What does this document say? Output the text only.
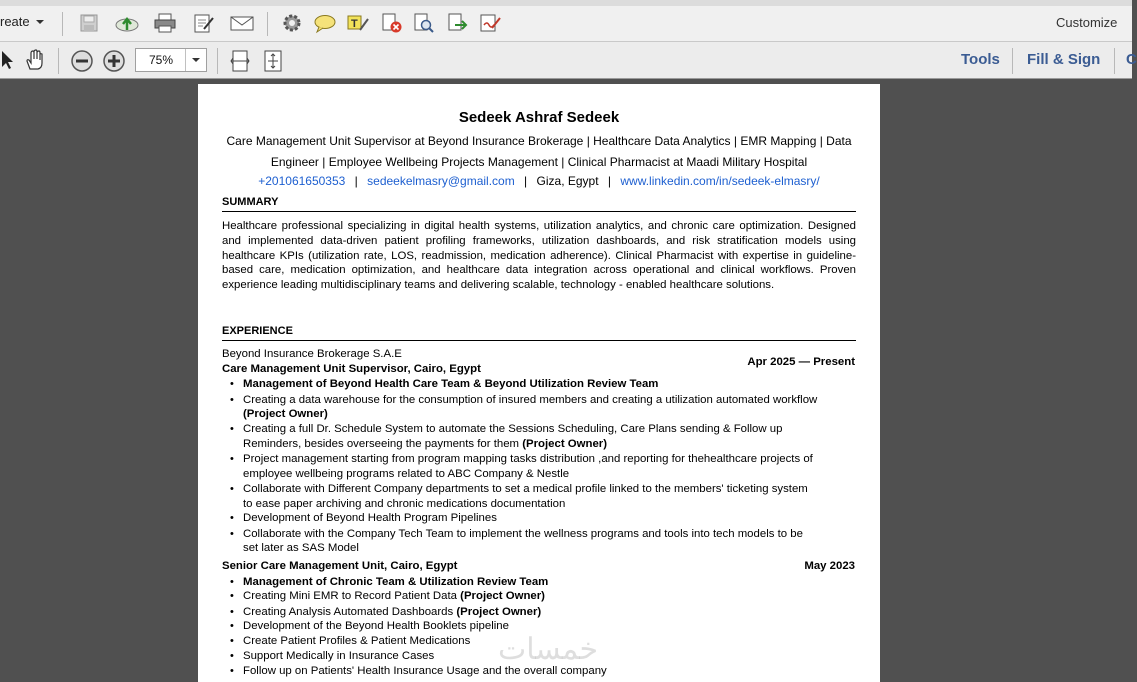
reate	T	Customize
75%	Tools Fill & Sign C
Sedeek Ashraf Sedeek
Care Management Unit Supervisor at Beyond Insurance Brokerage | Healthcare Data Analytics | EMR Mapping | Data
Engineer | Employee Wellbeing Projects Management | Clinical Pharmacist at Maadi Military Hospital
+201061650353 | sedeekelmasry@gmail.com | Giza, Egypt | www.linkedin.com/in/sedeek-elmasry/
SUMMARY
Healthcare professional specializing in digital health systems, utilization analytics, and chronic care optimization. Designed and implemented data-driven patient profiling frameworks, utilization dashboards, and risk stratification models using healthcare KPIs (utilization rate, LOS, readmission, medication adherence). Clinical Pharmacist with expertise in guideline-based care, medication optimization, and healthcare data integration across operational and clinical workflows. Proven experience leading multidisciplinary teams and delivering scalable, technology - enabled healthcare solutions.
EXPERIENCE
Beyond Insurance Brokerage S.A.E
Care Management Unit Supervisor, Cairo, Egypt
Apr 2025 — Present
• Management of Beyond Health Care Team & Beyond Utilization Review Team
• Creating a data warehouse for the consumption of insured members and creating a utilization automated workflow
(Project Owner)
• Creating a full Dr. Schedule System to automate the Sessions Scheduling, Care Plans sending & Follow up
Reminders, besides overseeing the payments for them (Project Owner)
• Project management starting from program mapping tasks distribution ,and reporting for thehealthcare projects of
employee wellbeing programs related to ABC Company & Nestle
• Collaborate with Different Company departments to set a medical profile linked to the members' ticketing system
to ease paper archiving and chronic medications documentation
• Development of Beyond Health Program Pipelines
• Collaborate with the Company Tech Team to implement the wellness programs and tools into tech models to be
set later as SAS Model
Senior Care Management Unit, Cairo, Egypt	May 2023
• Management of Chronic Team & Utilization Review Team
• Creating Mini EMR to Record Patient Data (Project Owner)
• Creating Analysis Automated Dashboards (Project Owner)
• Development of the Beyond Health Booklets pipeline
• Create Patient Profiles & Patient Medications
• Support Medically in Insurance Cases
• Follow up on Patients' Health Insurance Usage and the overall company
خمسات
